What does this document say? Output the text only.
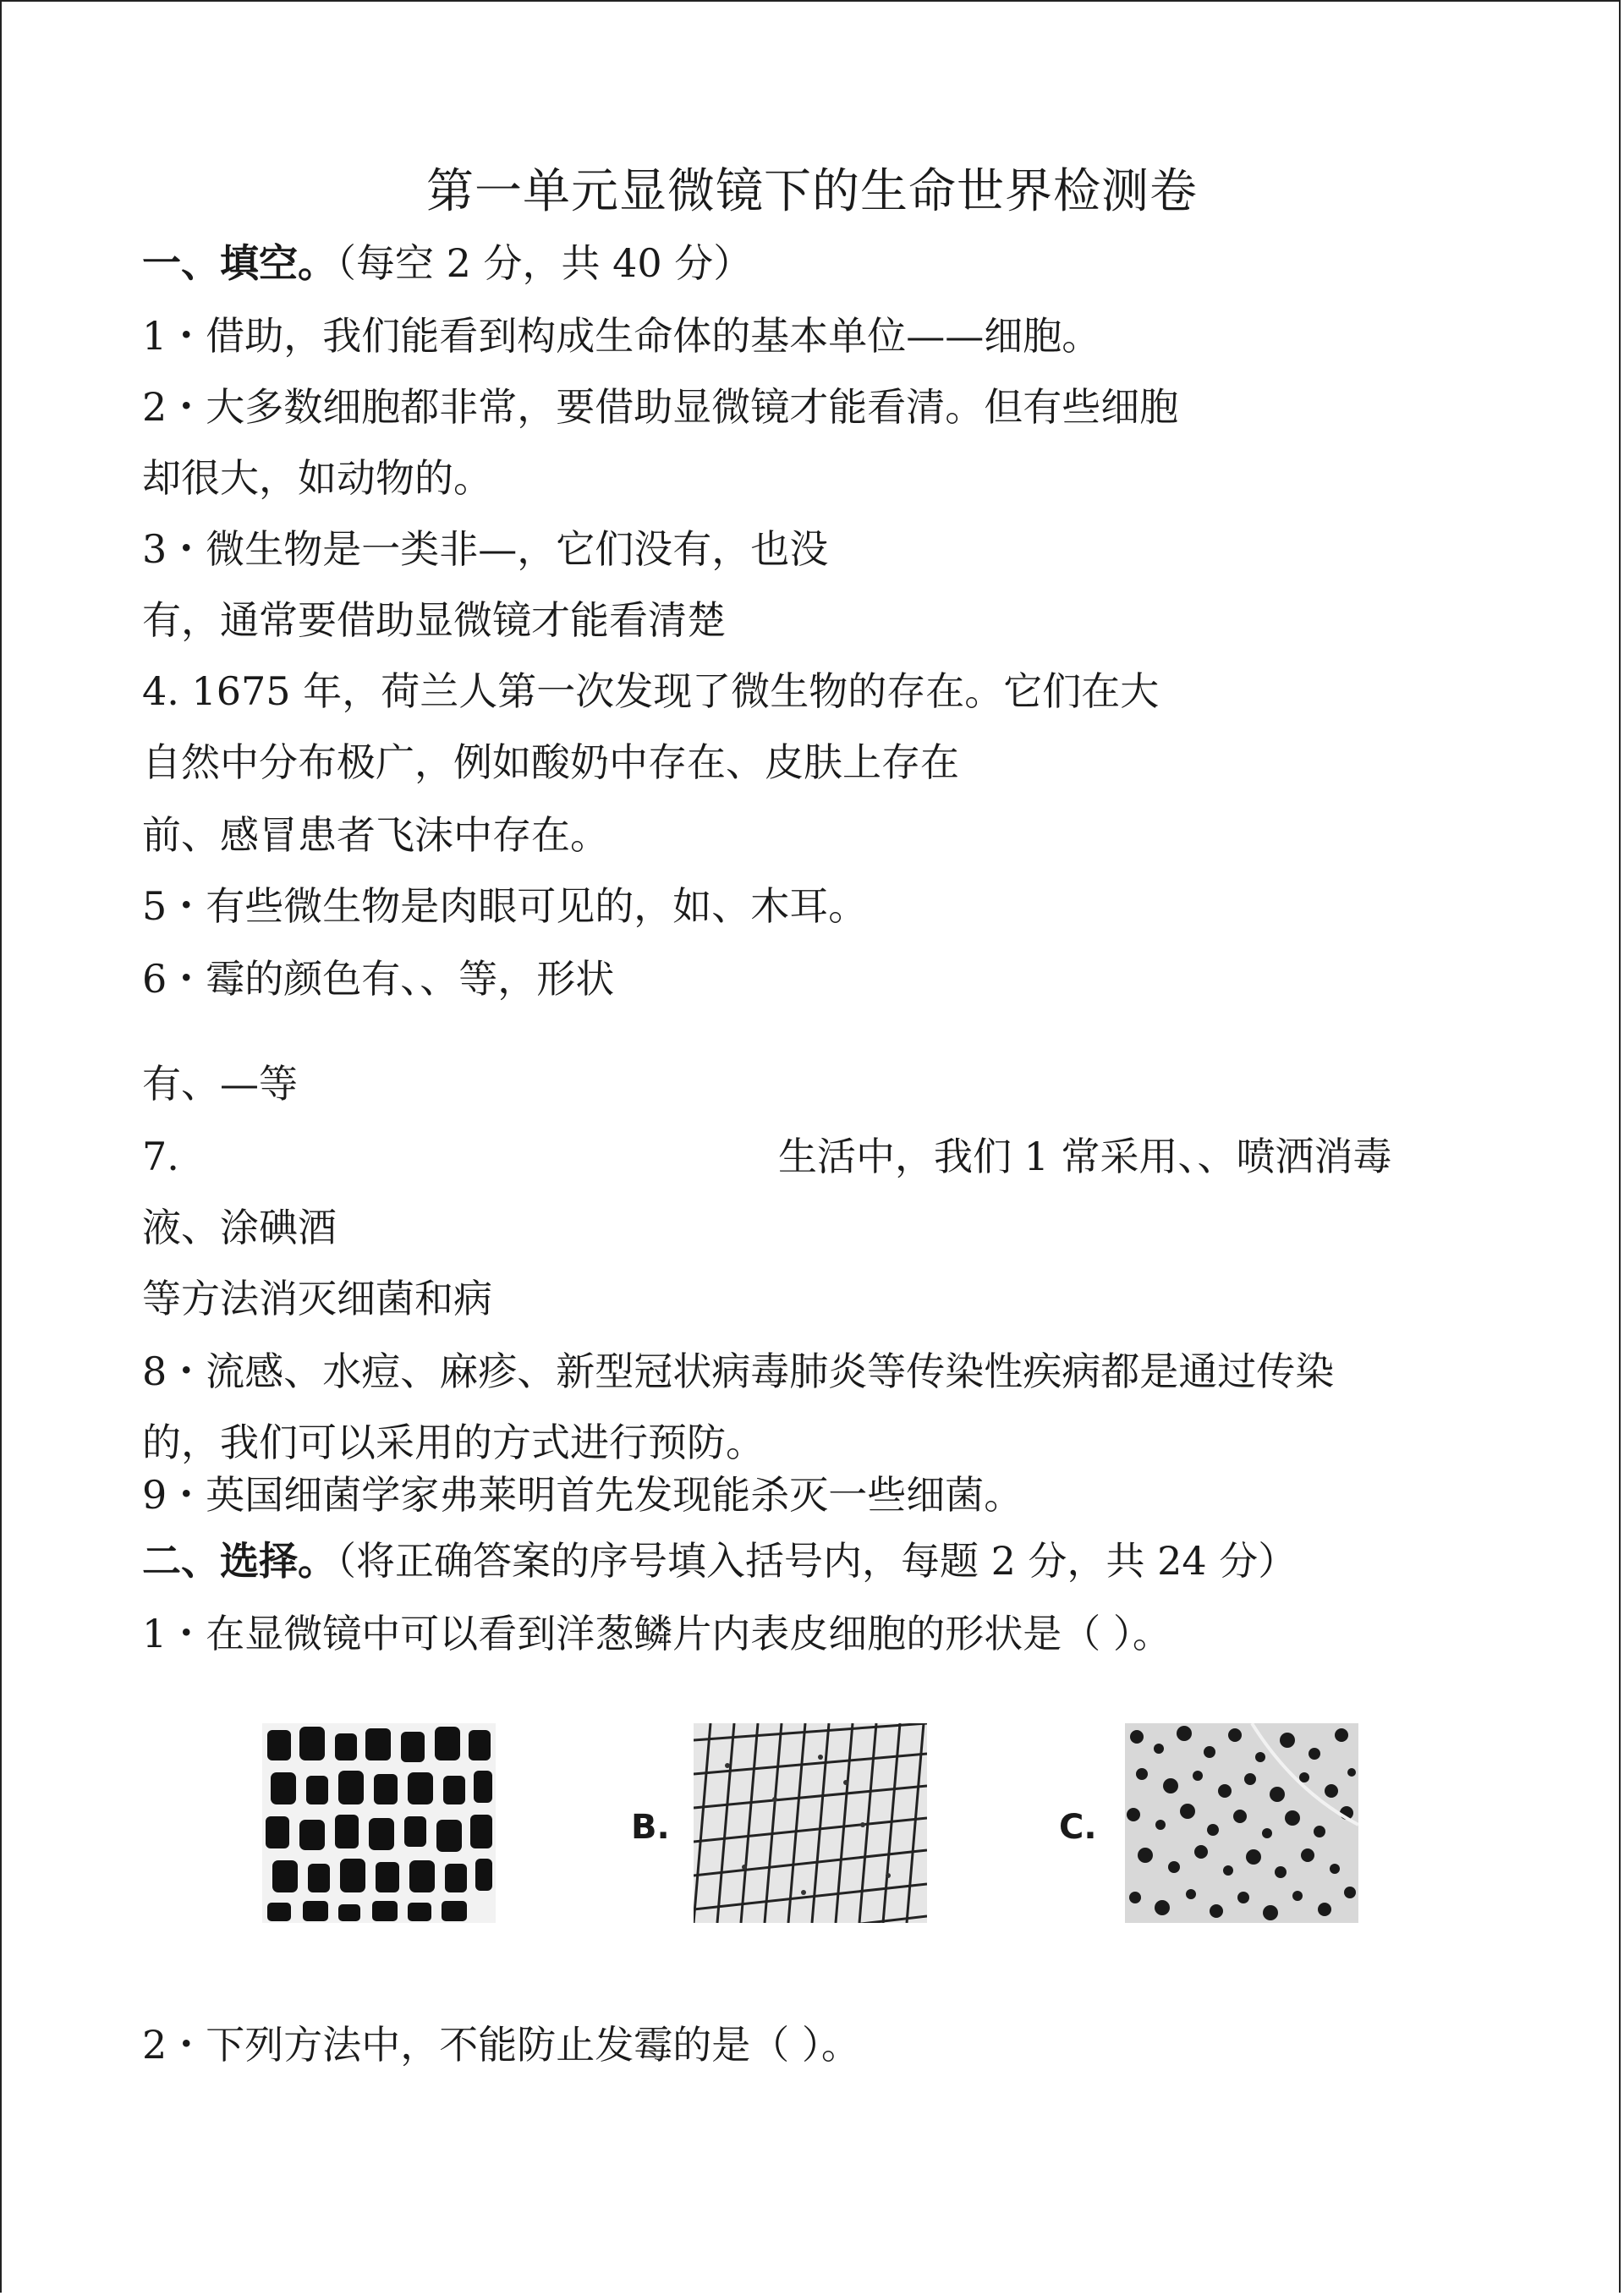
第一单元显微镜下的生命世界检测卷
一、填空。（每空 2 分，共 40 分）
1・借助，我们能看到构成生命体的基本单位——细胞。
2・大多数细胞都非常，要借助显微镜才能看清。但有些细胞
却很大，如动物的。
3・微生物是一类非—，它们没有，也没
有，通常要借助显微镜才能看清楚
4. 1675 年，荷兰人第一次发现了微生物的存在。它们在大
自然中分布极广，例如酸奶中存在、皮肤上存在
前、感冒患者飞沫中存在。
5・有些微生物是肉眼可见的，如、木耳。
6・霉的颜色有、、等，形状
有、—等
7.	生活中，我们 1 常采用、、喷洒消毒
液、涂碘酒
等方法消灭细菌和病
8・流感、水痘、麻疹、新型冠状病毒肺炎等传染性疾病都是通过传染
的，我们可以采用的方式进行预防。
9・英国细菌学家弗莱明首先发现能杀灭一些细菌。
二、选择。（将正确答案的序号填入括号内，每题 2 分，共 24 分）
1・在显微镜中可以看到洋葱鳞片内表皮细胞的形状是（ ）。
B.	C.
2・下列方法中，不能防止发霉的是（ ）。
